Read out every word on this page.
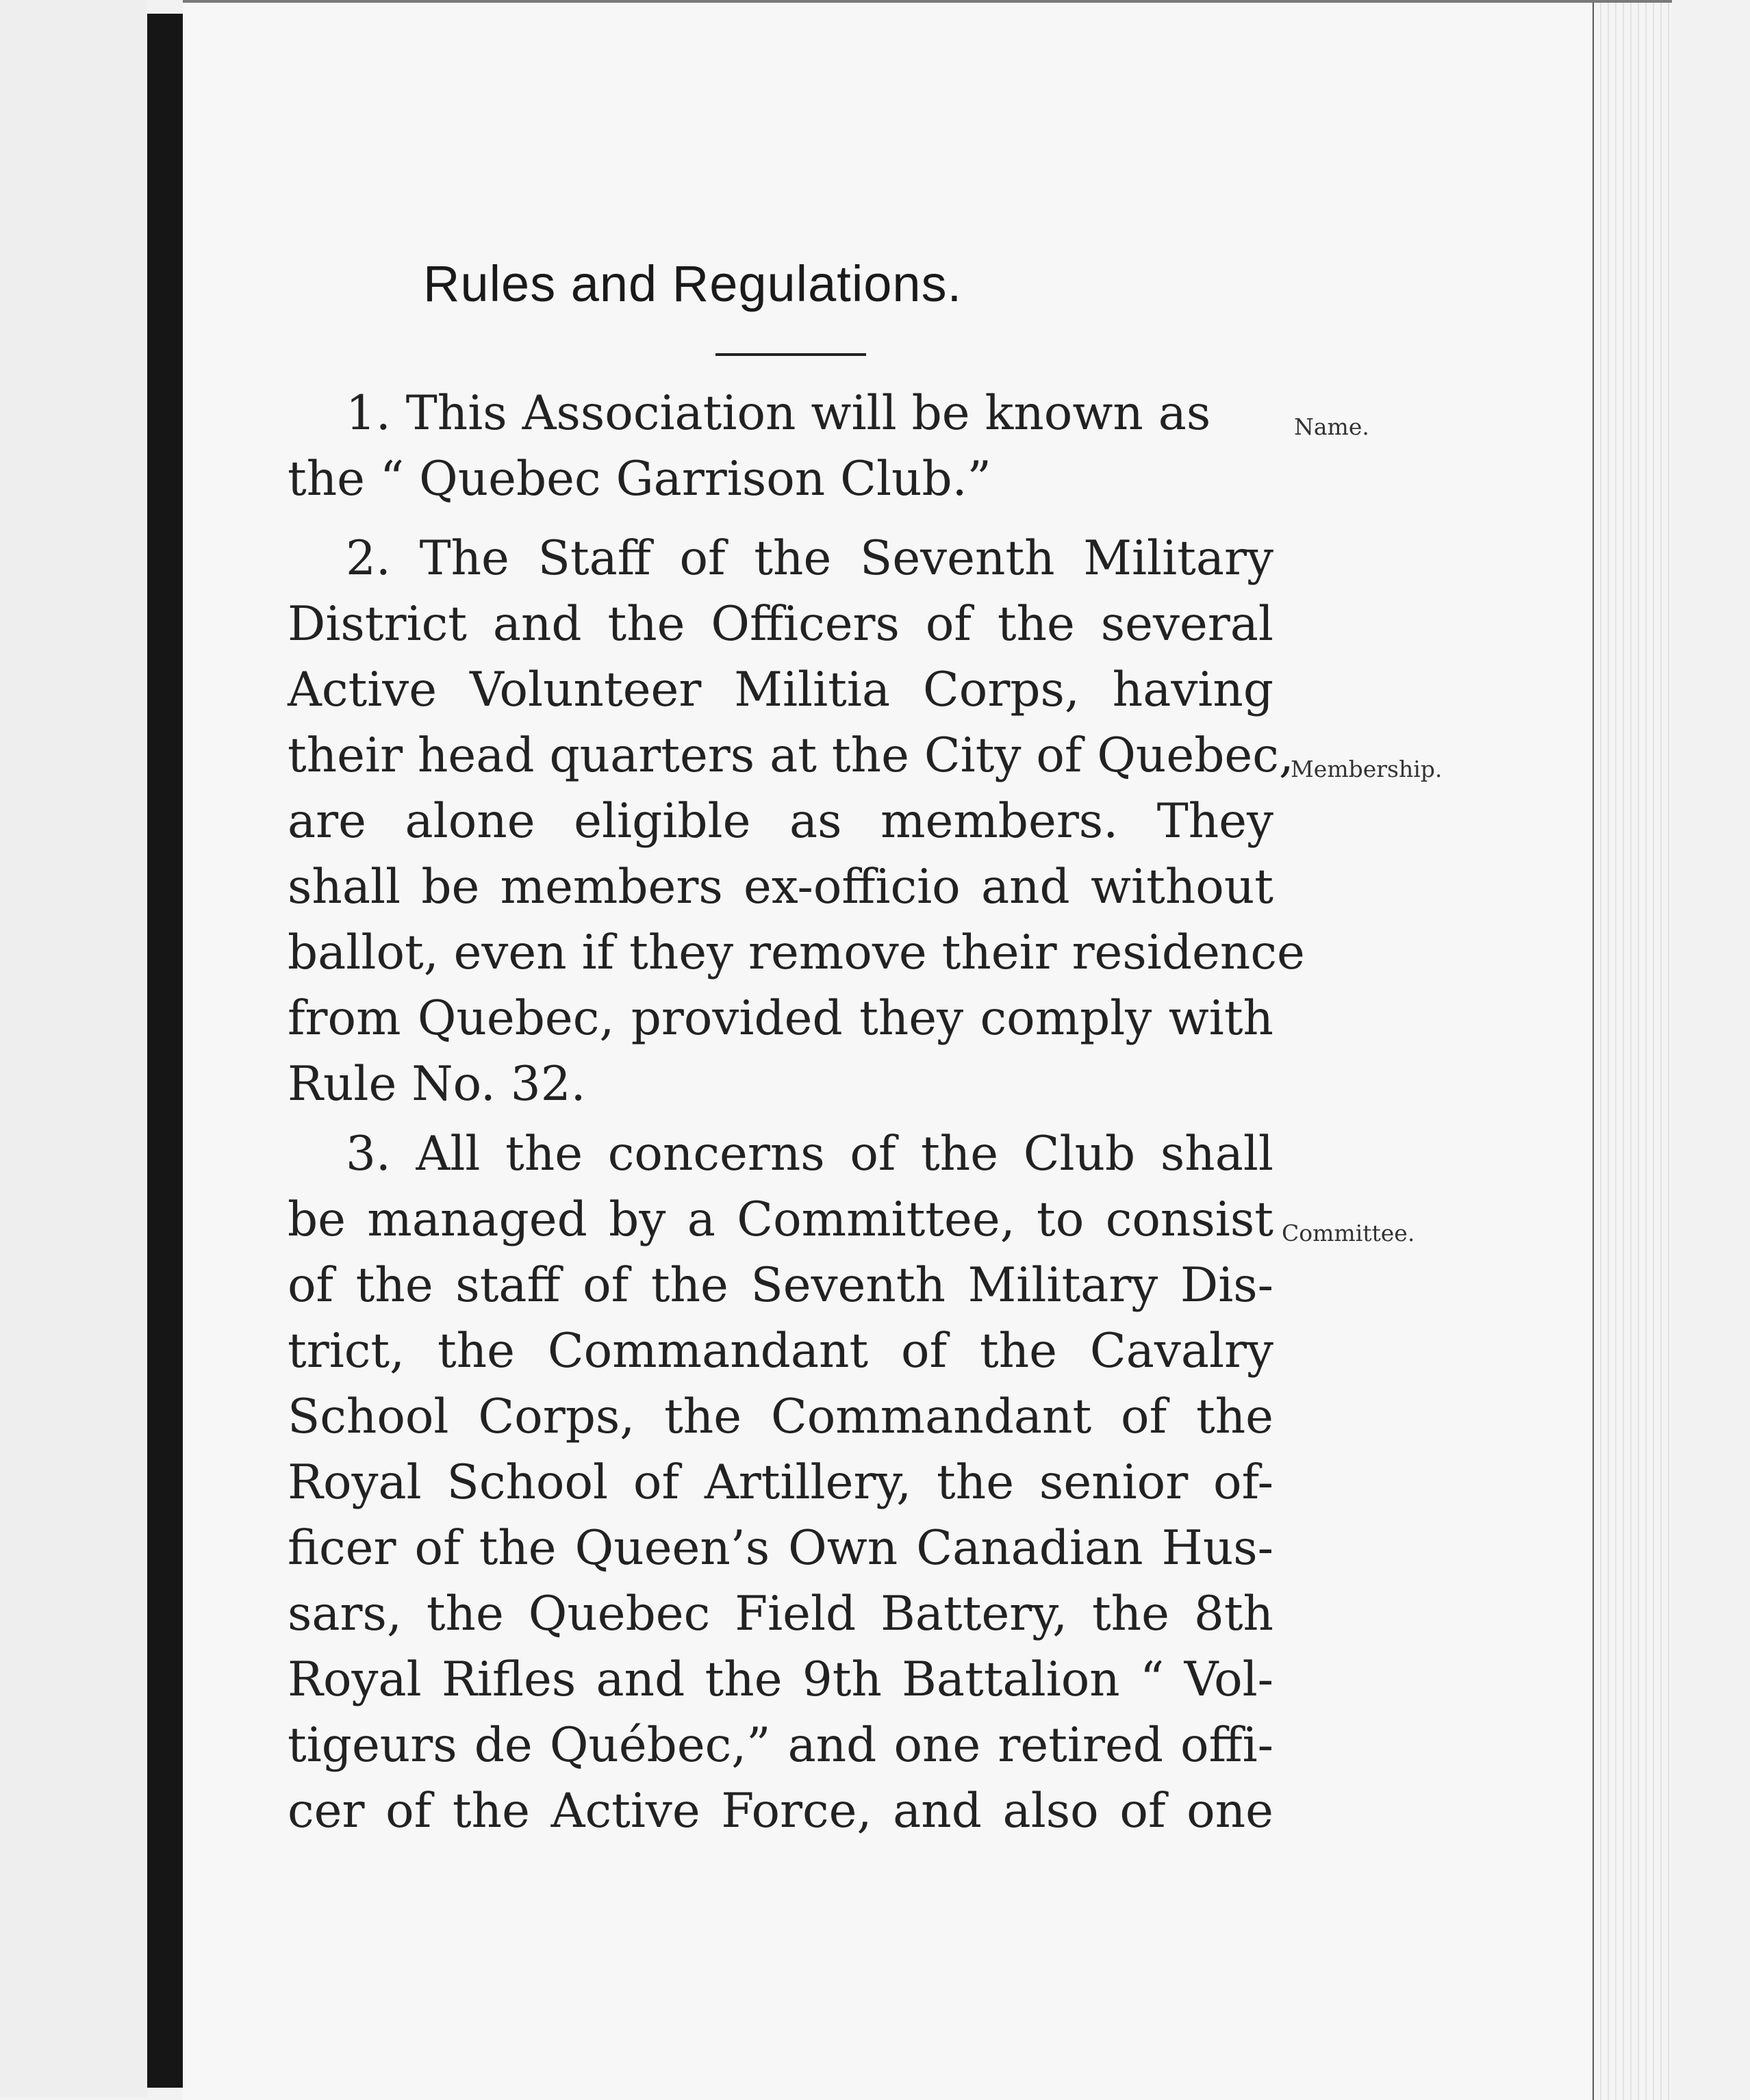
Rules and Regulations.

1. This Association will be known as

the “ Quebec Garrison Club.”

2. The Staff of the Seventh Military

District and the Officers of the several

Active Volunteer Militia Corps, having

their head quarters at the City of Quebec,

are alone eligible as members. They

shall be members ex-officio and without

ballot, even if they remove their residence

from Quebec, provided they comply with

Rule No. 32.

3. All the concerns of the Club shall

be managed by a Committee, to consist

of the staff of the Seventh Military Dis-

trict, the Commandant of the Cavalry

School Corps, the Commandant of the

Royal School of Artillery, the senior of-

ficer of the Queen’s Own Canadian Hus-

sars, the Quebec Field Battery, the 8th

Royal Rifles and the 9th Battalion “ Vol-

tigeurs de Québec,” and one retired offi-

cer of the Active Force, and also of one

Name.
Membership.
Committee.
